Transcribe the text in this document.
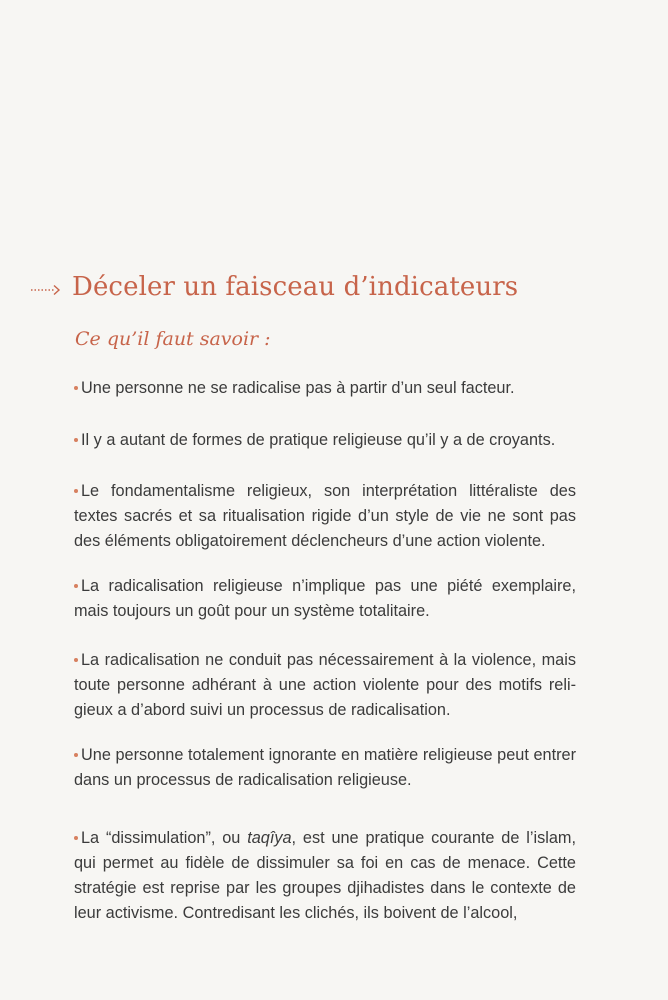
Déceler un faisceau d’indicateurs
Ce qu’il faut savoir :

Une personne ne se radicalise pas à partir d’un seul facteur.

Il y a autant de formes de pratique religieuse qu’il y a de croyants.

Le fondamentalisme religieux, son interprétation littéraliste des textes sacrés et sa ritualisation rigide d’un style de vie ne sont pas des éléments obligatoirement déclencheurs d’une action violente.

La radicalisation religieuse n’implique pas une piété exemplaire, mais toujours un goût pour un système totalitaire.

La radicalisation ne conduit pas nécessairement à la violence, mais toute personne adhérant à une action violente pour des motifs reli-gieux a d’abord suivi un processus de radicalisation.

Une personne totalement ignorante en matière religieuse peut entrer dans un processus de radicalisation religieuse.

La “dissimulation”, ou taqîya, est une pratique courante de l’islam, qui permet au fidèle de dissimuler sa foi en cas de menace. Cette stratégie est reprise par les groupes djihadistes dans le contexte de leur activisme. Contredisant les clichés, ils boivent de l’alcool,
